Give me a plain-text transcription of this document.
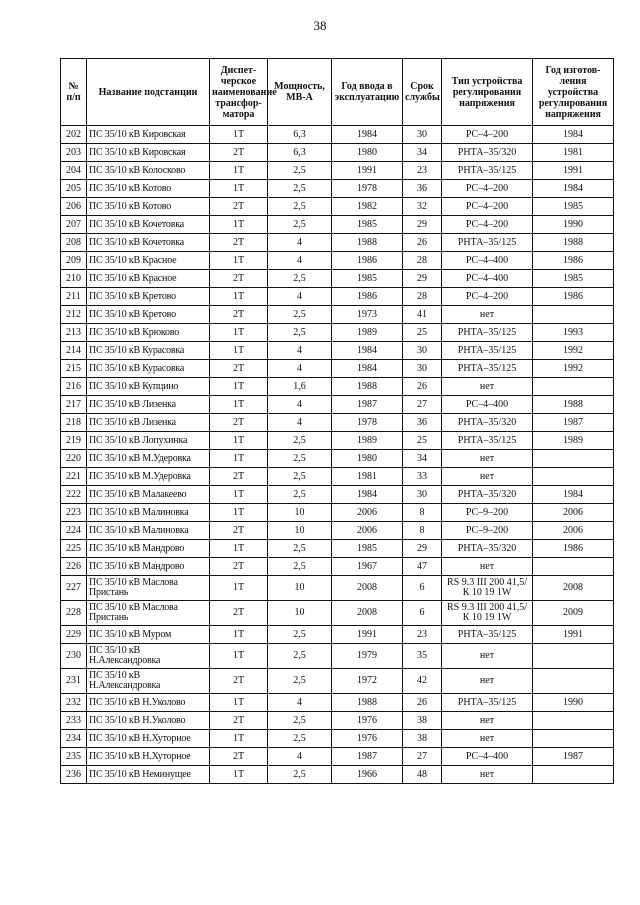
38
№ п/п	Название подстанции	Диспет- черское наименование трансфор- матора	Мощность, МВ-А	Год ввода в эксплуатацию	Срок службы	Тип устройства регулирования напряжения	Год изготов- ления устройства регулирования напряжения
202	ПС 35/10 кВ Кировская	1Т	6,3	1984	30	РС–4–200	1984
203	ПС 35/10 кВ Кировская	2Т	6,3	1980	34	РНТА–35/320	1981
204	ПС 35/10 кВ Колосково	1Т	2,5	1991	23	РНТА–35/125	1991
205	ПС 35/10 кВ Котово	1Т	2,5	1978	36	РС–4–200	1984
206	ПС 35/10 кВ Котово	2Т	2,5	1982	32	РС–4–200	1985
207	ПС 35/10 кВ Кочетовка	1Т	2,5	1985	29	РС–4–200	1990
208	ПС 35/10 кВ Кочетовка	2Т	4	1988	26	РНТА–35/125	1988
209	ПС 35/10 кВ Красное	1Т	4	1986	28	РС–4–400	1986
210	ПС 35/10 кВ Красное	2Т	2,5	1985	29	РС–4–400	1985
211	ПС 35/10 кВ Кретово	1Т	4	1986	28	РС–4–200	1986
212	ПС 35/10 кВ Кретово	2Т	2,5	1973	41	нет	
213	ПС 35/10 кВ Крюково	1Т	2,5	1989	25	РНТА–35/125	1993
214	ПС 35/10 кВ Курасовка	1Т	4	1984	30	РНТА–35/125	1992
215	ПС 35/10 кВ Курасовка	2Т	4	1984	30	РНТА–35/125	1992
216	ПС 35/10 кВ Купцино	1Т	1,6	1988	26	нет	
217	ПС 35/10 кВ Лизенка	1Т	4	1987	27	РС–4–400	1988
218	ПС 35/10 кВ Лизенка	2Т	4	1978	36	РНТА–35/320	1987
219	ПС 35/10 кВ Лопухинка	1Т	2,5	1989	25	РНТА–35/125	1989
220	ПС 35/10 кВ М.Удеровка	1Т	2,5	1980	34	нет	
221	ПС 35/10 кВ М.Удеровка	2Т	2,5	1981	33	нет	
222	ПС 35/10 кВ Малакеево	1Т	2,5	1984	30	РНТА–35/320	1984
223	ПС 35/10 кВ Малиновка	1Т	10	2006	8	РС–9–200	2006
224	ПС 35/10 кВ Малиновка	2Т	10	2006	8	РС–9–200	2006
225	ПС 35/10 кВ Мандрово	1Т	2,5	1985	29	РНТА–35/320	1986
226	ПС 35/10 кВ Мандрово	2Т	2,5	1967	47	нет	
227	ПС 35/10 кВ Маслова Пристань	1Т	10	2008	6	RS 9.3 III 200 41,5/К 10 19 1W	2008
228	ПС 35/10 кВ Маслова Пристань	2Т	10	2008	6	RS 9.3 III 200 41,5/К 10 19 1W	2009
229	ПС 35/10 кВ Муром	1Т	2,5	1991	23	РНТА–35/125	1991
230	ПС 35/10 кВ Н.Александровка	1Т	2,5	1979	35	нет	
231	ПС 35/10 кВ Н.Александровка	2Т	2,5	1972	42	нет	
232	ПС 35/10 кВ Н.Уколово	1Т	4	1988	26	РНТА–35/125	1990
233	ПС 35/10 кВ Н.Уколово	2Т	2,5	1976	38	нет	
234	ПС 35/10 кВ Н.Хуторное	1Т	2,5	1976	38	нет	
235	ПС 35/10 кВ Н.Хуторное	2Т	4	1987	27	РС–4–400	1987
236	ПС 35/10 кВ Неминущее	1Т	2,5	1966	48	нет	
